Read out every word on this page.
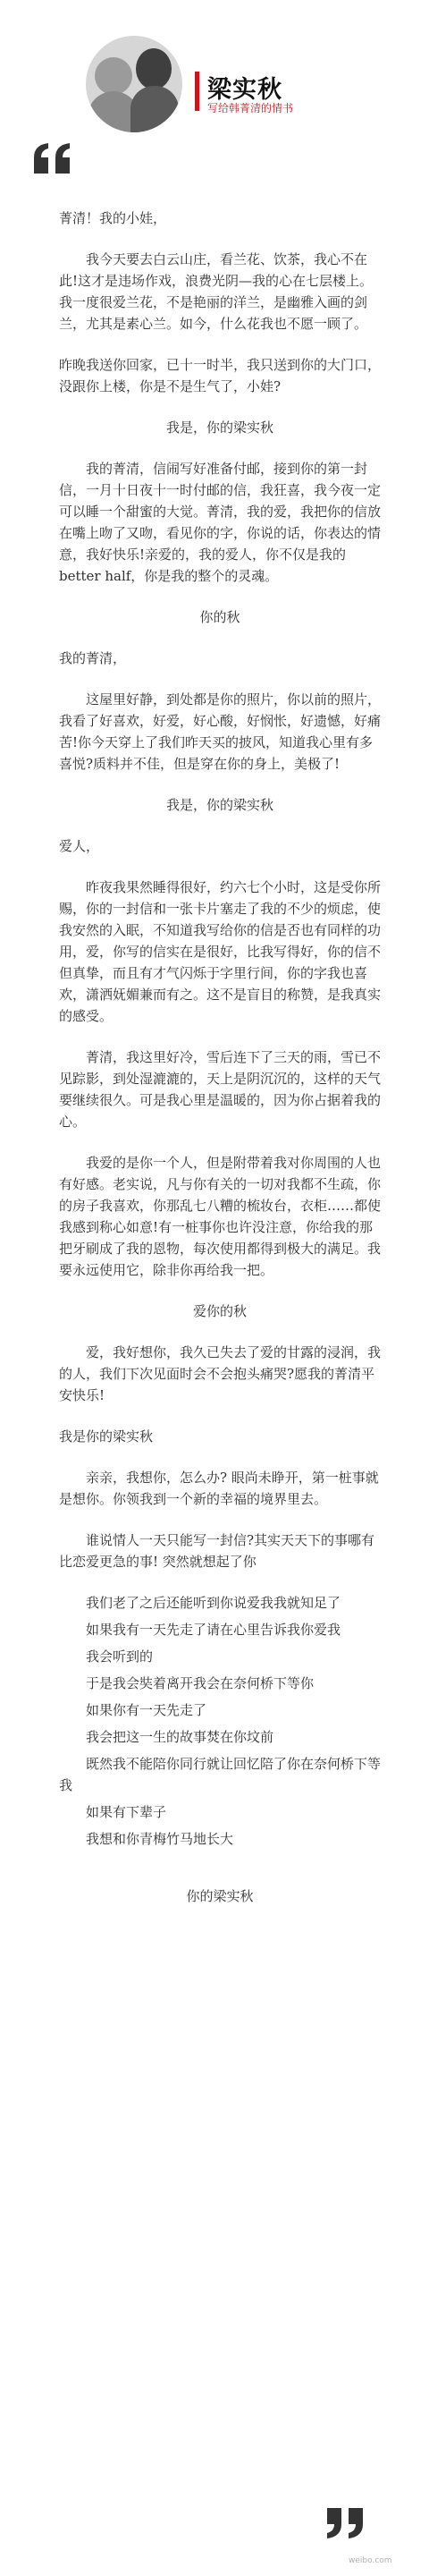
梁实秋
写给韩菁清的情书

菁清！我的小娃，

我今天要去白云山庄，看兰花、饮茶，我心不在此!这才是违场作戏，浪费光阴—我的心在七层楼上。我一度很爱兰花，不是艳丽的洋兰，是幽雅入画的剑兰，尤其是素心兰。如今，什么花我也不愿一顾了。

昨晚我送你回家，已十一时半，我只送到你的大门口，没跟你上楼，你是不是生气了，小娃?

我是，你的梁实秋

我的菁清，信闹写好准备付邮，接到你的第一封信，一月十日夜十一时付邮的信，我狂喜，我今夜一定可以睡一个甜蜜的大觉。菁清，我的爱，我把你的信放在嘴上吻了又吻，看见你的字，你说的话，你表达的情意，我好快乐!亲爱的，我的爱人，你不仅是我的better half，你是我的整个的灵魂。

你的秋

我的菁清，

这屋里好静，到处都是你的照片，你以前的照片，我看了好喜欢，好爱，好心酸，好悯怅，好遗憾，好痛苦!你今天穿上了我们昨天买的披风，知道我心里有多喜悦?质料并不佳，但是穿在你的身上，美极了!

我是，你的梁实秋

爱人，

昨夜我果然睡得很好，约六七个小时，这是受你所赐，你的一封信和一张卡片塞走了我的不少的烦虑，使我安然的入眠，不知道我写给你的信是否也有同样的功用，爱，你写的信实在是很好，比我写得好，你的信不但真挚，而且有才气闪烁于字里行间，你的字我也喜欢，潇洒妩媚兼而有之。这不是盲目的称赞，是我真实的感受。

菁清，我这里好冷，雪后连下了三天的雨，雪已不见踪影，到处湿漉漉的，天上是阴沉沉的，这样的天气要继续很久。可是我心里是温暖的，因为你占据着我的心。

我爱的是你一个人，但是附带着我对你周围的人也有好感。老实说，凡与你有关的一切对我都不生疏，你的房子我喜欢，你那乱七八糟的梳妆台，衣柜……都使我感到称心如意!有一桩事你也许没注意，你给我的那把牙刷成了我的恩物，每次使用都得到极大的满足。我要永远使用它，除非你再给我一把。

爱你的秋

爱，我好想你，我久已失去了爱的甘露的浸润，我的人，我们下次见面时会不会抱头痛哭?愿我的菁清平安快乐!

我是你的梁实秋

亲亲，我想你，怎么办? 眼尚未睁开，第一桩事就是想你。你领我到一个新的幸福的境界里去。

谁说情人一天只能写一封信?其实天天下的事哪有比恋爱更急的事! 突然就想起了你

我们老了之后还能听到你说爱我我就知足了

如果我有一天先走了请在心里告诉我你爱我

我会听到的

于是我会奘着离开我会在奈何桥下等你

如果你有一天先走了

我会把这一生的故事焚在你坟前

既然我不能陪你同行就让回忆陪了你在奈何桥下等我

如果有下辈子

我想和你青梅竹马地长大

你的梁实秋

weibo.com
